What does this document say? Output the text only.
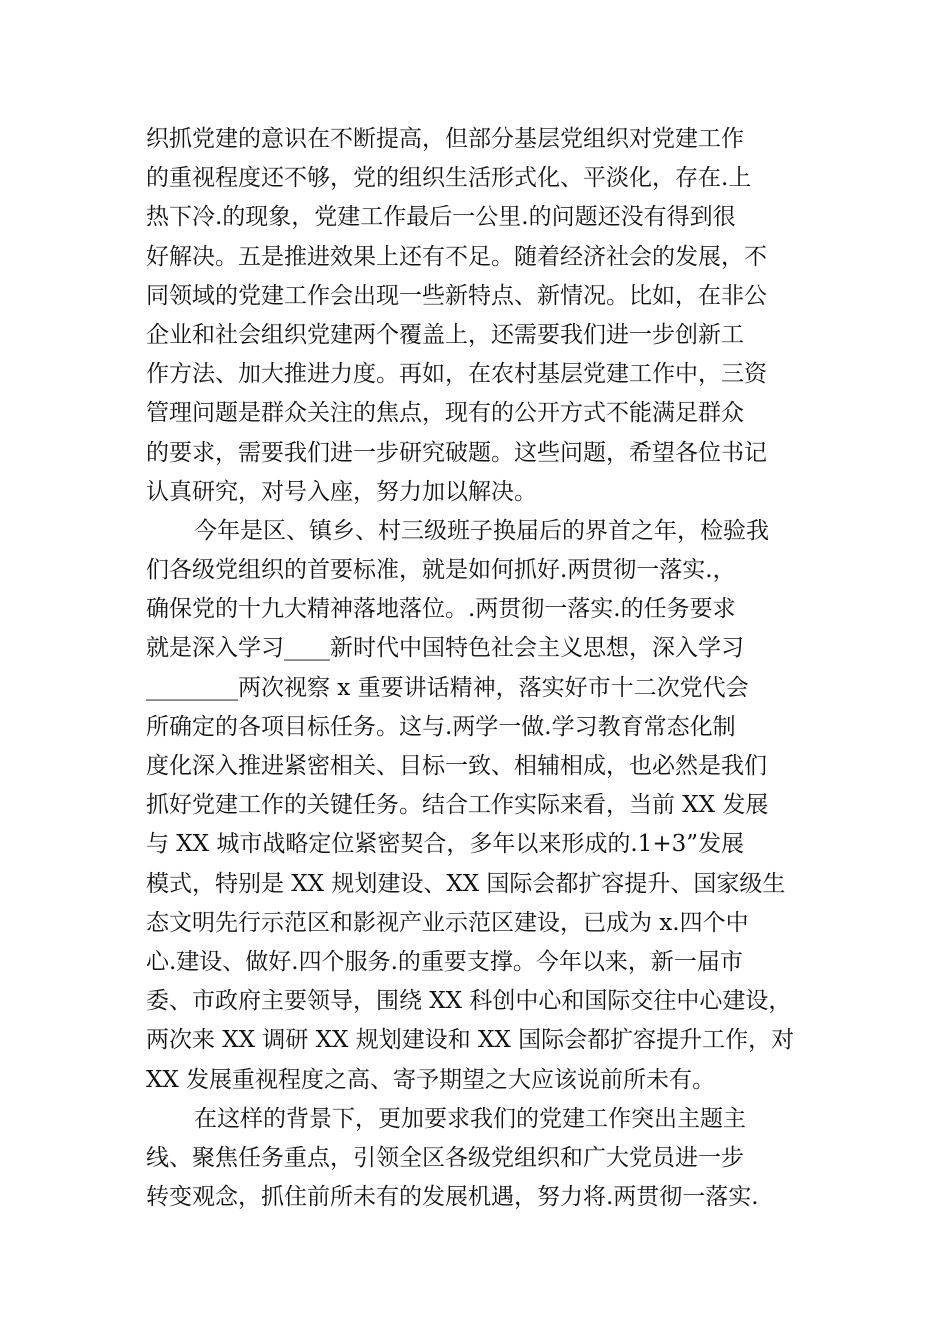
织抓党建的意识在不断提高，但部分基层党组织对党建工作
的重视程度还不够，党的组织生活形式化、平淡化，存在.上
热下冷.的现象，党建工作最后一公里.的问题还没有得到很
好解决。五是推进效果上还有不足。随着经济社会的发展，不
同领域的党建工作会出现一些新特点、新情况。比如，在非公
企业和社会组织党建两个覆盖上，还需要我们进一步创新工
作方法、加大推进力度。再如，在农村基层党建工作中，三资
管理问题是群众关注的焦点，现有的公开方式不能满足群众
的要求，需要我们进一步研究破题。这些问题，希望各位书记
认真研究，对号入座，努力加以解决。
今年是区、镇乡、村三级班子换届后的界首之年，检验我
们各级党组织的首要标准，就是如何抓好.两贯彻一落实.，
确保党的十九大精神落地落位。.两贯彻一落实.的任务要求
就是深入学习____新时代中国特色社会主义思想，深入学习
________两次视察 x 重要讲话精神，落实好市十二次党代会
所确定的各项目标任务。这与.两学一做.学习教育常态化制
度化深入推进紧密相关、目标一致、相辅相成，也必然是我们
抓好党建工作的关键任务。结合工作实际来看，当前 XX 发展
与 XX 城市战略定位紧密契合，多年以来形成的.1+3”发展
模式，特别是 XX 规划建设、XX 国际会都扩容提升、国家级生
态文明先行示范区和影视产业示范区建设，已成为 x.四个中
心.建设、做好.四个服务.的重要支撑。今年以来，新一届市
委、市政府主要领导，围绕 XX 科创中心和国际交往中心建设，
两次来 XX 调研 XX 规划建设和 XX 国际会都扩容提升工作，对
XX 发展重视程度之高、寄予期望之大应该说前所未有。
在这样的背景下，更加要求我们的党建工作突出主题主
线、聚焦任务重点，引领全区各级党组织和广大党员进一步
转变观念，抓住前所未有的发展机遇，努力将.两贯彻一落实.
